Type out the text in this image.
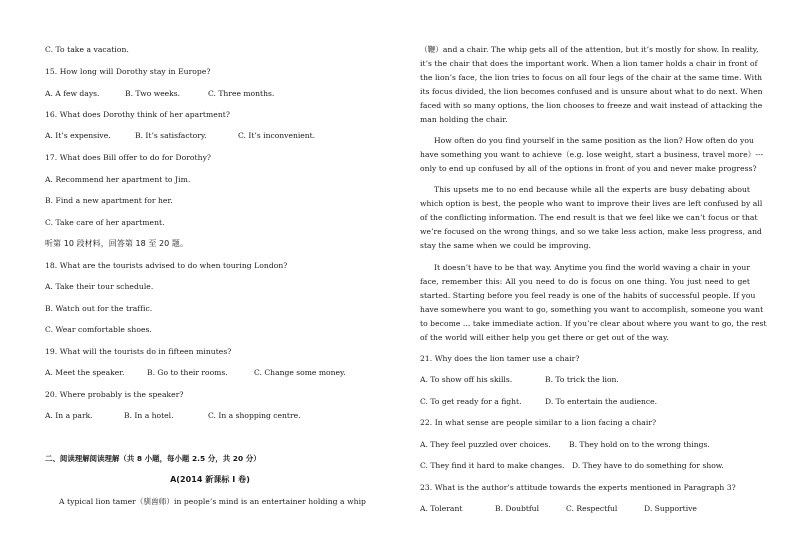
C. To take a vacation.
15. How long will Dorothy stay in Europe?
A. A few days.	B. Two weeks.	C. Three months.
16. What does Dorothy think of her apartment?
A. It’s expensive.	B. It’s satisfactory.	C. It’s inconvenient.
17. What does Bill offer to do for Dorothy?
A. Recommend her apartment to Jim.
B. Find a new apartment for her.
C. Take care of her apartment.
听第 10 段材料，回答第 18 至 20 题。
18. What are the tourists advised to do when touring London?
A. Take their tour schedule.
B. Watch out for the traffic.
C. Wear comfortable shoes.
19. What will the tourists do in fifteen minutes?
A. Meet the speaker.	B. Go to their rooms.	C. Change some money.
20. Where probably is the speaker?
A. In a park.	B. In a hotel.	C. In a shopping centre.
二、阅读理解阅读理解（共 8 小题，每小题 2.5 分，共 20 分）
A(2014 新课标 I 卷)
A typical lion tamer（驯兽师）in people’s mind is an entertainer holding a whip
（鞭）and a chair. The whip gets all of the attention, but it’s mostly for show. In reality,
it’s the chair that does the important work. When a lion tamer holds a chair in front of
the lion’s face, the lion tries to focus on all four legs of the chair at the same time. With
its focus divided, the lion becomes confused and is unsure about what to do next. When
faced with so many options, the lion chooses to freeze and wait instead of attacking the
man holding the chair.
How often do you find yourself in the same position as the lion? How often do you
have something you want to achieve（e.g. lose weight, start a business, travel more）---
only to end up confused by all of the options in front of you and never make progress?
This upsets me to no end because while all the experts are busy debating about
which option is best, the people who want to improve their lives are left confused by all
of the conflicting information. The end result is that we feel like we can’t focus or that
we’re focused on the wrong things, and so we take less action, make less progress, and
stay the same when we could be improving.
It doesn’t have to be that way. Anytime you find the world waving a chair in your
face, remember this: All you need to do is focus on one thing. You just need to get
started. Starting before you feel ready is one of the habits of successful people. If you
have somewhere you want to go, something you want to accomplish, someone you want
to become … take immediate action. If you’re clear about where you want to go, the rest
of the world will either help you get there or get out of the way.
21. Why does the lion tamer use a chair?
A. To show off his skills.	B. To trick the lion.
C. To get ready for a fight.	D. To entertain the audience.
22. In what sense are people similar to a lion facing a chair?
A. They feel puzzled over choices. B. They hold on to the wrong things.
C. They find it hard to make changes. D. They have to do something for show.
23. What is the author’s attitude towards the experts mentioned in Paragraph 3?
A. Tolerant	B. Doubtful	C. Respectful	D. Supportive
